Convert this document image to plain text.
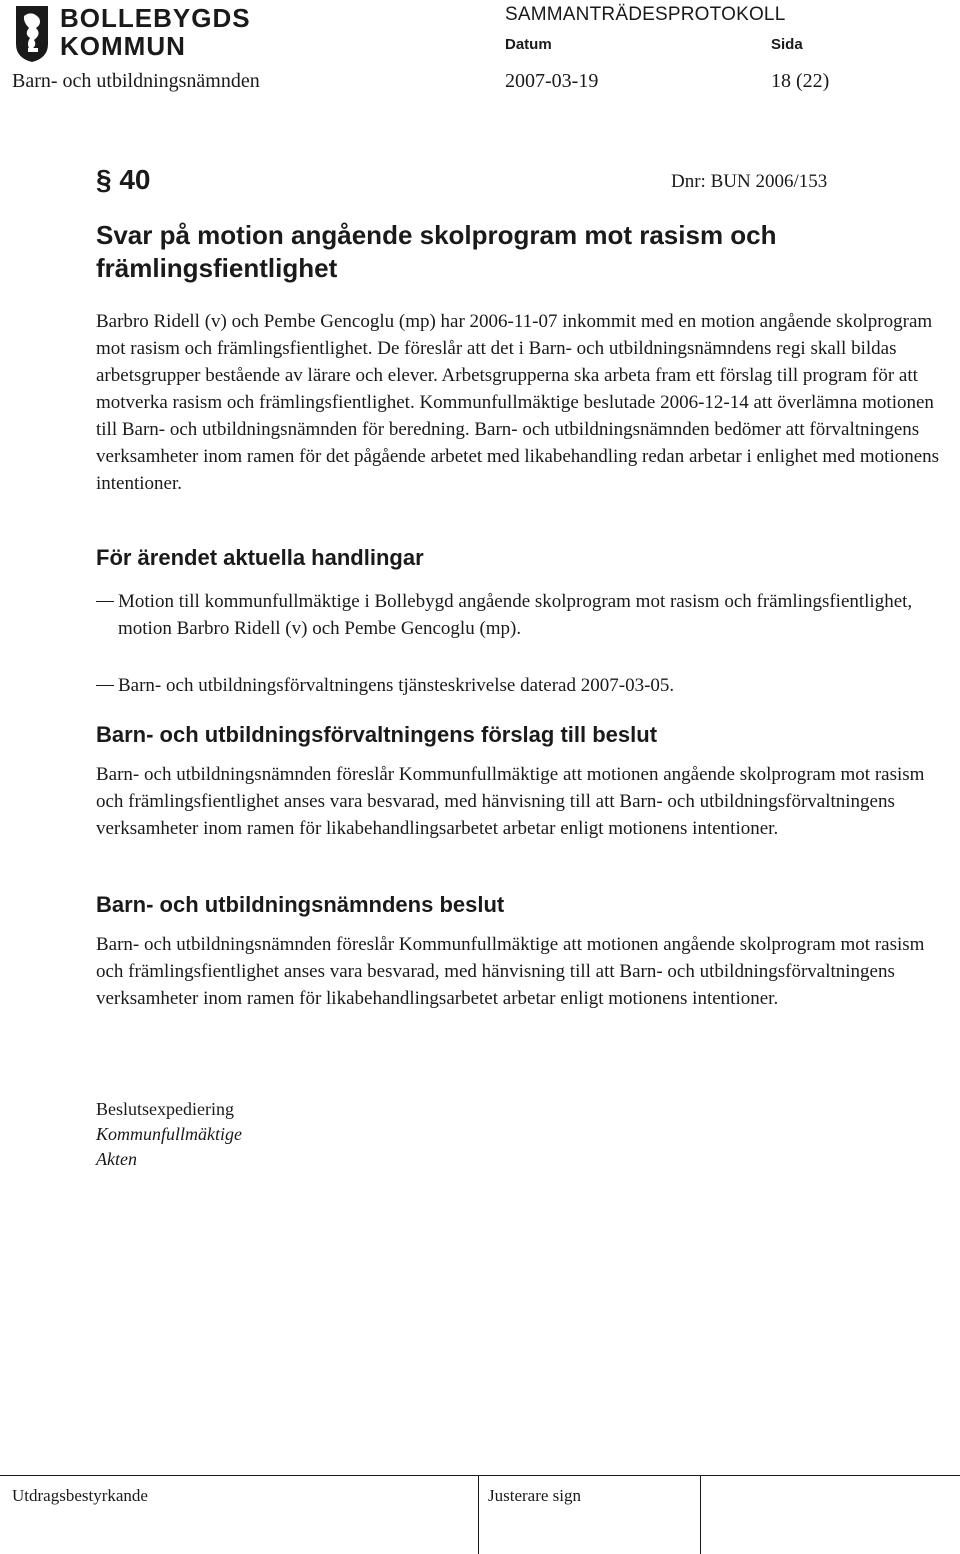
BOLLEBYGDS
KOMMUN
SAMMANTRÄDESPROTOKOLL
Datum	Sida
Barn- och utbildningsnämnden	2007-03-19	18 (22)
§ 40	Dnr: BUN 2006/153
Svar på motion angående skolprogram mot rasism och främlingsfientlighet
Barbro Ridell (v) och Pembe Gencoglu (mp) har 2006-11-07 inkommit med en motion angående skolprogram mot rasism och främlingsfientlighet. De föreslår att det i Barn- och utbildningsnämndens regi skall bildas arbetsgrupper bestående av lärare och elever. Arbetsgrupperna ska arbeta fram ett förslag till program för att motverka rasism och främlingsfientlighet. Kommunfullmäktige beslutade 2006-12-14 att överlämna motionen till Barn- och utbildningsnämnden för beredning. Barn- och utbildningsnämnden bedömer att förvaltningens verksamheter inom ramen för det pågående arbetet med likabehandling redan arbetar i enlighet med motionens intentioner.
För ärendet aktuella handlingar
Motion till kommunfullmäktige i Bollebygd angående skolprogram mot rasism och främlingsfientlighet, motion Barbro Ridell (v) och Pembe Gencoglu (mp).
Barn- och utbildningsförvaltningens tjänsteskrivelse daterad 2007-03-05.
Barn- och utbildningsförvaltningens förslag till beslut
Barn- och utbildningsnämnden föreslår Kommunfullmäktige att motionen angående skolprogram mot rasism och främlingsfientlighet anses vara besvarad, med hänvisning till att Barn- och utbildningsförvaltningens verksamheter inom ramen för likabehandlingsarbetet arbetar enligt motionens intentioner.
Barn- och utbildningsnämndens beslut
Barn- och utbildningsnämnden föreslår Kommunfullmäktige att motionen angående skolprogram mot rasism och främlingsfientlighet anses vara besvarad, med hänvisning till att Barn- och utbildningsförvaltningens verksamheter inom ramen för likabehandlingsarbetet arbetar enligt motionens intentioner.
Beslutsexpediering
Kommunfullmäktige
Akten
Utdragsbestyrkande	Justerare sign
